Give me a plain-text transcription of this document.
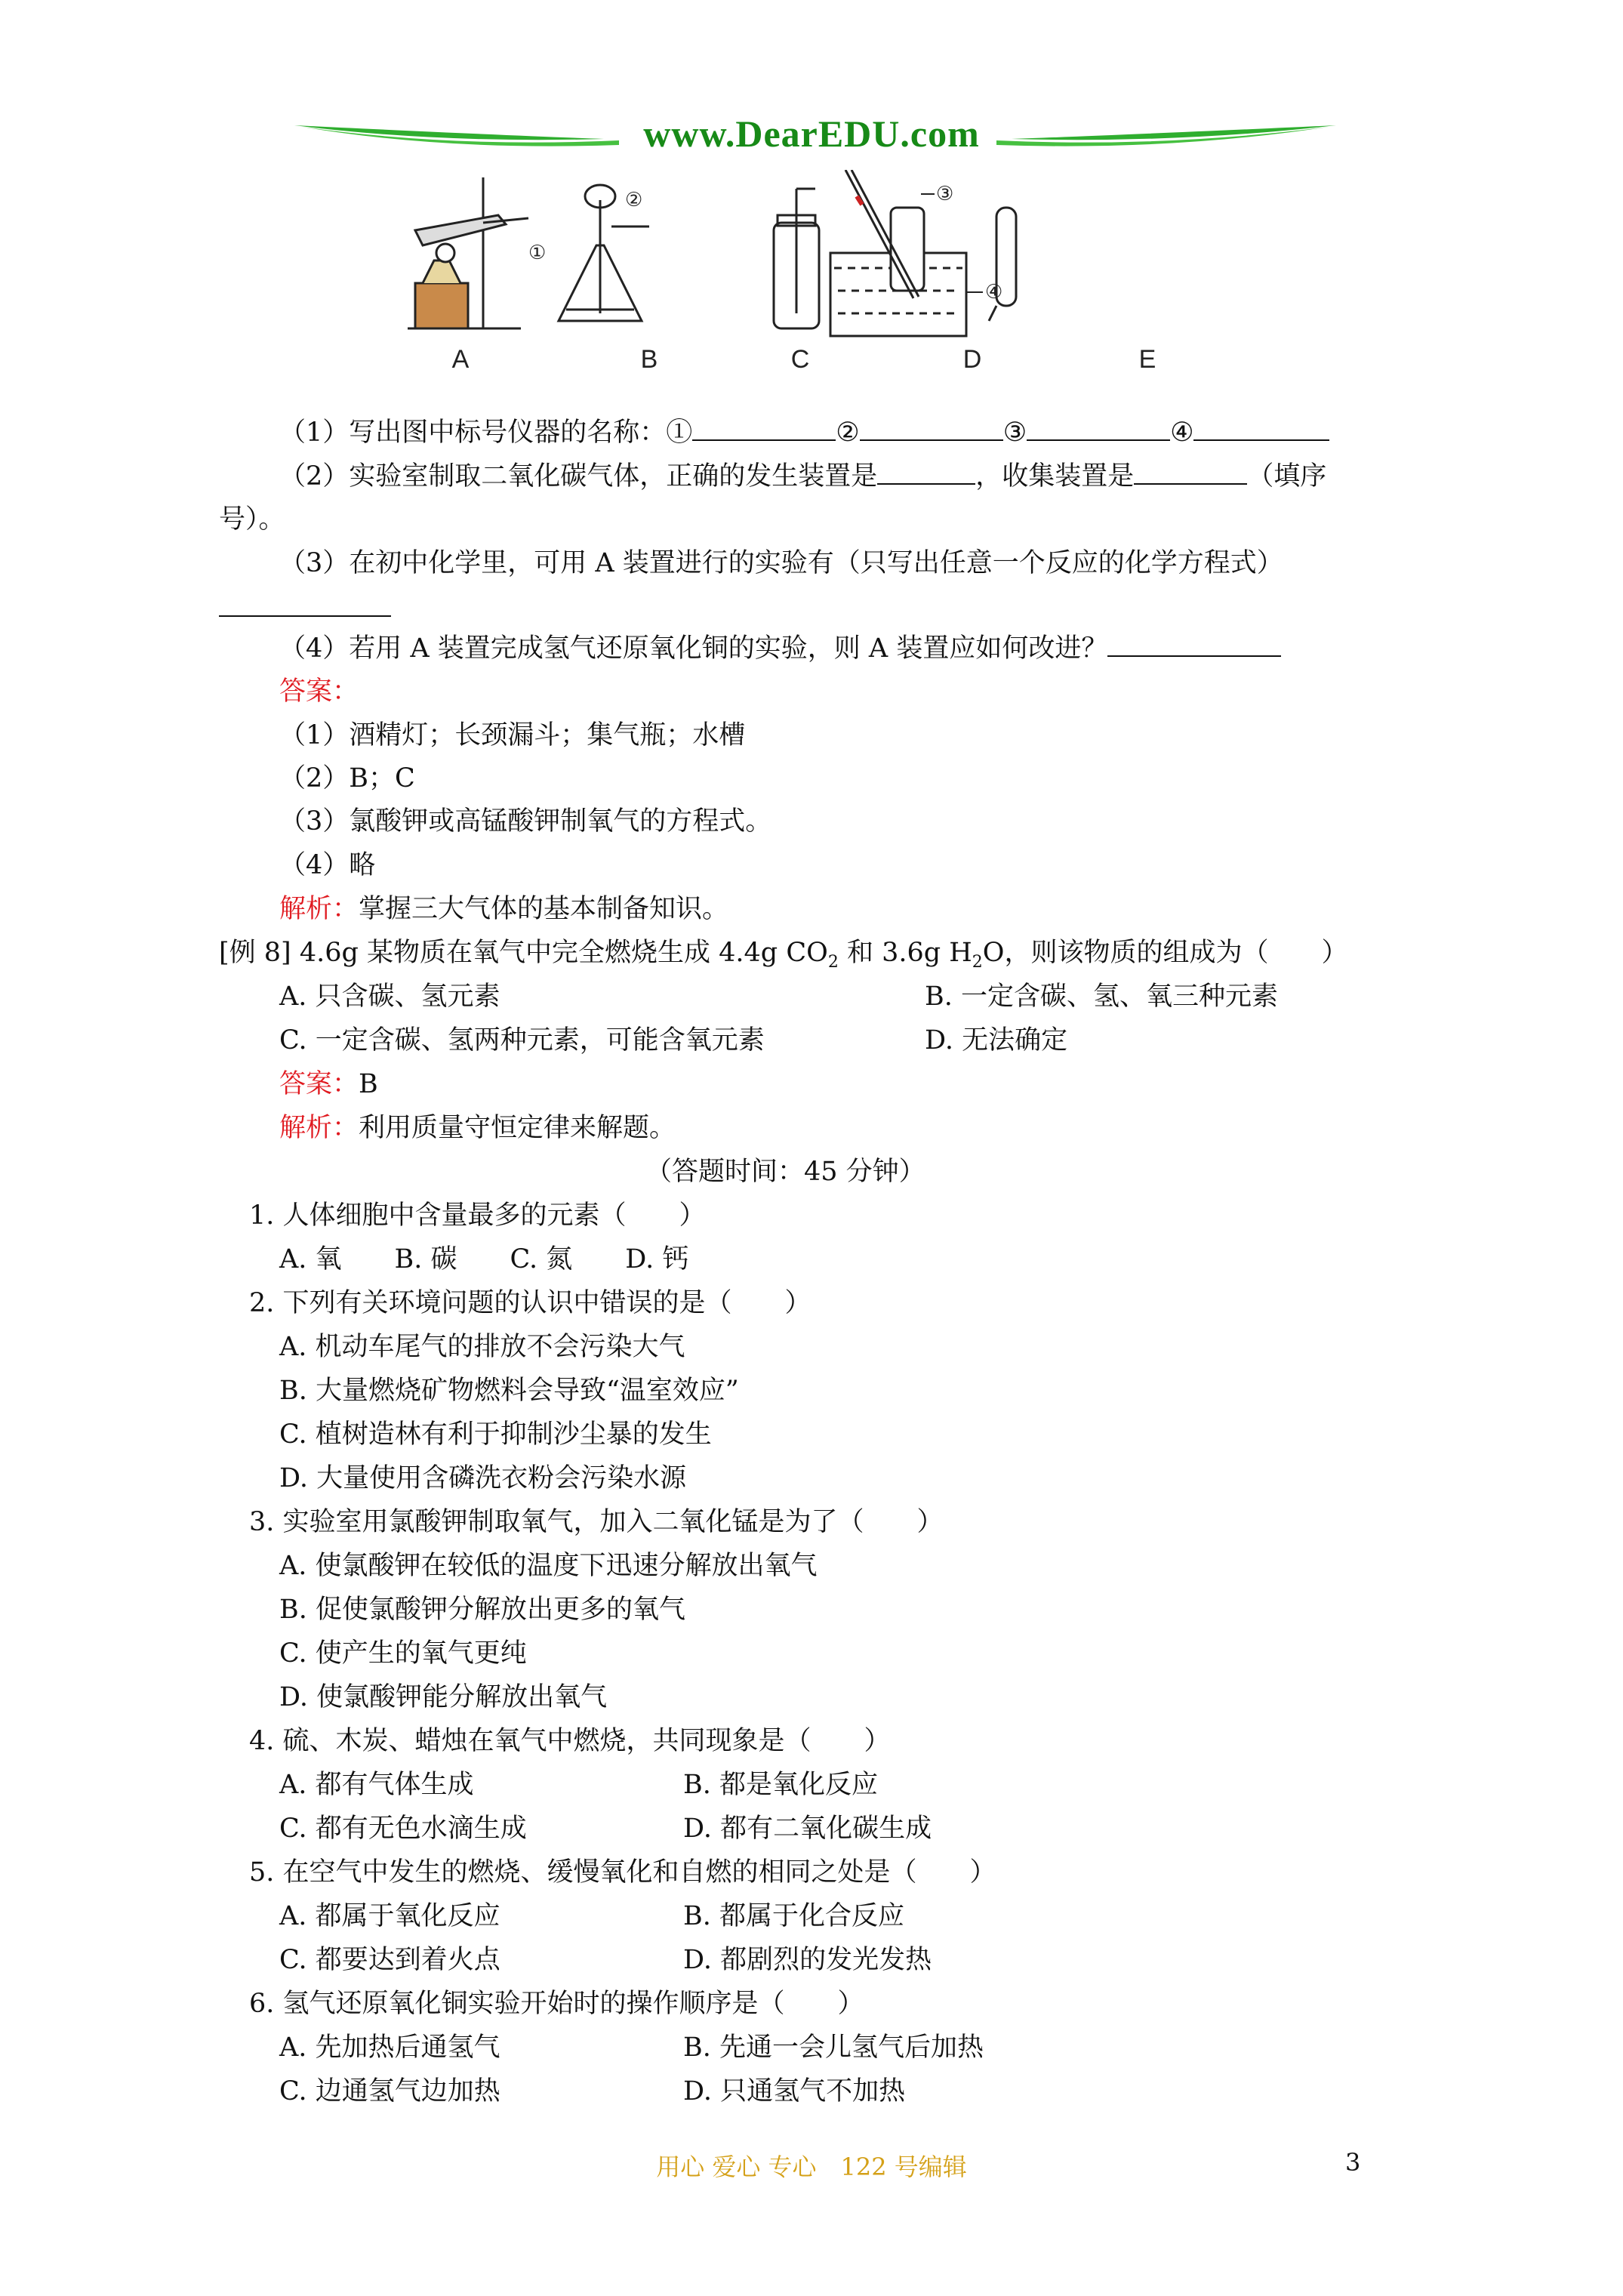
www.DearEDU.com
①
②	③
④
A	B	C	D	E
（1）写出图中标号仪器的名称：①	②	③	④
（2）实验室制取二氧化碳气体，正确的发生装置是	，收集装置是	（填序
号）。
（3）在初中化学里，可用 A 装置进行的实验有（只写出任意一个反应的化学方程式）
（4）若用 A 装置完成氢气还原氧化铜的实验，则 A 装置应如何改进？
答案：
（1）酒精灯；长颈漏斗；集气瓶；水槽
（2）B；C
（3）氯酸钾或高锰酸钾制氧气的方程式。
（4）略
解析：掌握三大气体的基本制备知识。
[例 8] 4.6g 某物质在氧气中完全燃烧生成 4.4g $CO_2$ 和 3.6g $H_2O$，则该物质的组成为（　　）
A. 只含碳、氢元素	B. 一定含碳、氢、氧三种元素
C. 一定含碳、氢两种元素，可能含氧元素	D. 无法确定
答案：B
解析：利用质量守恒定律来解题。
（答题时间：45 分钟）
1. 人体细胞中含量最多的元素（　　）
A. 氧　　B. 碳　　C. 氮　　D. 钙
2. 下列有关环境问题的认识中错误的是（　　）
A. 机动车尾气的排放不会污染大气
B. 大量燃烧矿物燃料会导致“温室效应”
C. 植树造林有利于抑制沙尘暴的发生
D. 大量使用含磷洗衣粉会污染水源
3. 实验室用氯酸钾制取氧气，加入二氧化锰是为了（　　）
A. 使氯酸钾在较低的温度下迅速分解放出氧气
B. 促使氯酸钾分解放出更多的氧气
C. 使产生的氧气更纯
D. 使氯酸钾能分解放出氧气
4. 硫、木炭、蜡烛在氧气中燃烧，共同现象是（　　）
A. 都有气体生成	B. 都是氧化反应
C. 都有无色水滴生成	D. 都有二氧化碳生成
5. 在空气中发生的燃烧、缓慢氧化和自燃的相同之处是（　　）
A. 都属于氧化反应	B. 都属于化合反应
C. 都要达到着火点	D. 都剧烈的发光发热
6. 氢气还原氧化铜实验开始时的操作顺序是（　　）
A. 先加热后通氢气	B. 先通一会儿氢气后加热
C. 边通氢气边加热	D. 只通氢气不加热
用心 爱心 专心　122 号编辑	3
